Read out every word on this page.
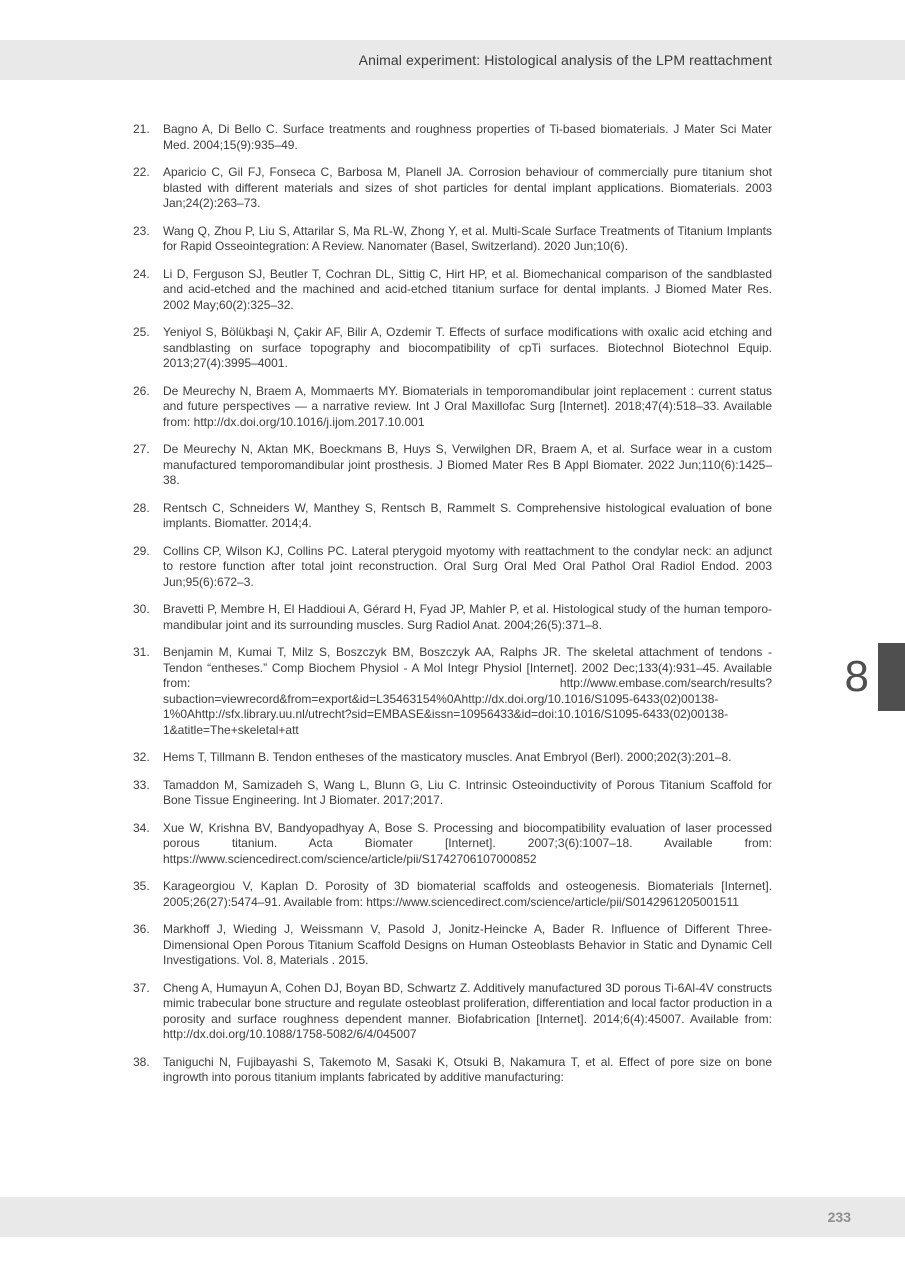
Animal experiment: Histological analysis of the LPM reattachment
21.	Bagno A, Di Bello C. Surface treatments and roughness properties of Ti-based biomaterials. J Mater Sci Mater Med. 2004;15(9):935–49.
22.	Aparicio C, Gil FJ, Fonseca C, Barbosa M, Planell JA. Corrosion behaviour of commercially pure titanium shot blasted with different materials and sizes of shot particles for dental implant applications. Biomaterials. 2003 Jan;24(2):263–73.
23.	Wang Q, Zhou P, Liu S, Attarilar S, Ma RL-W, Zhong Y, et al. Multi-Scale Surface Treatments of Titanium Implants for Rapid Osseointegration: A Review. Nanomater (Basel, Switzerland). 2020 Jun;10(6).
24.	Li D, Ferguson SJ, Beutler T, Cochran DL, Sittig C, Hirt HP, et al. Biomechanical comparison of the sandblasted and acid-etched and the machined and acid-etched titanium surface for dental implants. J Biomed Mater Res. 2002 May;60(2):325–32.
25.	Yeniyol S, Bölükbaşi N, Çakir AF, Bilir A, Ozdemir T. Effects of surface modifications with oxalic acid etching and sandblasting on surface topography and biocompatibility of cpTi surfaces. Biotechnol Biotechnol Equip. 2013;27(4):3995–4001.
26.	De Meurechy N, Braem A, Mommaerts MY. Biomaterials in temporomandibular joint replacement : current status and future perspectives — a narrative review. Int J Oral Maxillofac Surg [Internet]. 2018;47(4):518–33. Available from: http://dx.doi.org/10.1016/j.ijom.2017.10.001
27.	De Meurechy N, Aktan MK, Boeckmans B, Huys S, Verwilghen DR, Braem A, et al. Surface wear in a custom manufactured temporomandibular joint prosthesis. J Biomed Mater Res B Appl Biomater. 2022 Jun;110(6):1425–38.
28.	Rentsch C, Schneiders W, Manthey S, Rentsch B, Rammelt S. Comprehensive histological evaluation of bone implants. Biomatter. 2014;4.
29.	Collins CP, Wilson KJ, Collins PC. Lateral pterygoid myotomy with reattachment to the condylar neck: an adjunct to restore function after total joint reconstruction. Oral Surg Oral Med Oral Pathol Oral Radiol Endod. 2003 Jun;95(6):672–3.
30.	Bravetti P, Membre H, El Haddioui A, Gérard H, Fyad JP, Mahler P, et al. Histological study of the human temporo-mandibular joint and its surrounding muscles. Surg Radiol Anat. 2004;26(5):371–8.
31.	Benjamin M, Kumai T, Milz S, Boszczyk BM, Boszczyk AA, Ralphs JR. The skeletal attachment of tendons - Tendon “entheses.” Comp Biochem Physiol - A Mol Integr Physiol [Internet]. 2002 Dec;133(4):931–45. Available from: http://www.embase.com/search/results?subaction=viewrecord&from=export&id=L35463154%0Ahttp://dx.doi.org/10.1016/S1095-6433(02)00138-1%0Ahttp://sfx.library.uu.nl/utrecht?sid=EMBASE&issn=10956433&id=doi:10.1016/S1095-6433(02)00138-1&atitle=The+skeletal+att
32.	Hems T, Tillmann B. Tendon entheses of the masticatory muscles. Anat Embryol (Berl). 2000;202(3):201–8.
33.	Tamaddon M, Samizadeh S, Wang L, Blunn G, Liu C. Intrinsic Osteoinductivity of Porous Titanium Scaffold for Bone Tissue Engineering. Int J Biomater. 2017;2017.
34.	Xue W, Krishna BV, Bandyopadhyay A, Bose S. Processing and biocompatibility evaluation of laser processed porous titanium. Acta Biomater [Internet]. 2007;3(6):1007–18. Available from: https://www.sciencedirect.com/science/article/pii/S1742706107000852
35.	Karageorgiou V, Kaplan D. Porosity of 3D biomaterial scaffolds and osteogenesis. Biomaterials [Internet]. 2005;26(27):5474–91. Available from: https://www.sciencedirect.com/science/article/pii/S0142961205001511
36.	Markhoff J, Wieding J, Weissmann V, Pasold J, Jonitz-Heincke A, Bader R. Influence of Different Three-Dimensional Open Porous Titanium Scaffold Designs on Human Osteoblasts Behavior in Static and Dynamic Cell Investigations. Vol. 8, Materials . 2015.
37.	Cheng A, Humayun A, Cohen DJ, Boyan BD, Schwartz Z. Additively manufactured 3D porous Ti-6Al-4V constructs mimic trabecular bone structure and regulate osteoblast proliferation, differentiation and local factor production in a porosity and surface roughness dependent manner. Biofabrication [Internet]. 2014;6(4):45007. Available from: http://dx.doi.org/10.1088/1758-5082/6/4/045007
38.	Taniguchi N, Fujibayashi S, Takemoto M, Sasaki K, Otsuki B, Nakamura T, et al. Effect of pore size on bone ingrowth into porous titanium implants fabricated by additive manufacturing:
8
233
